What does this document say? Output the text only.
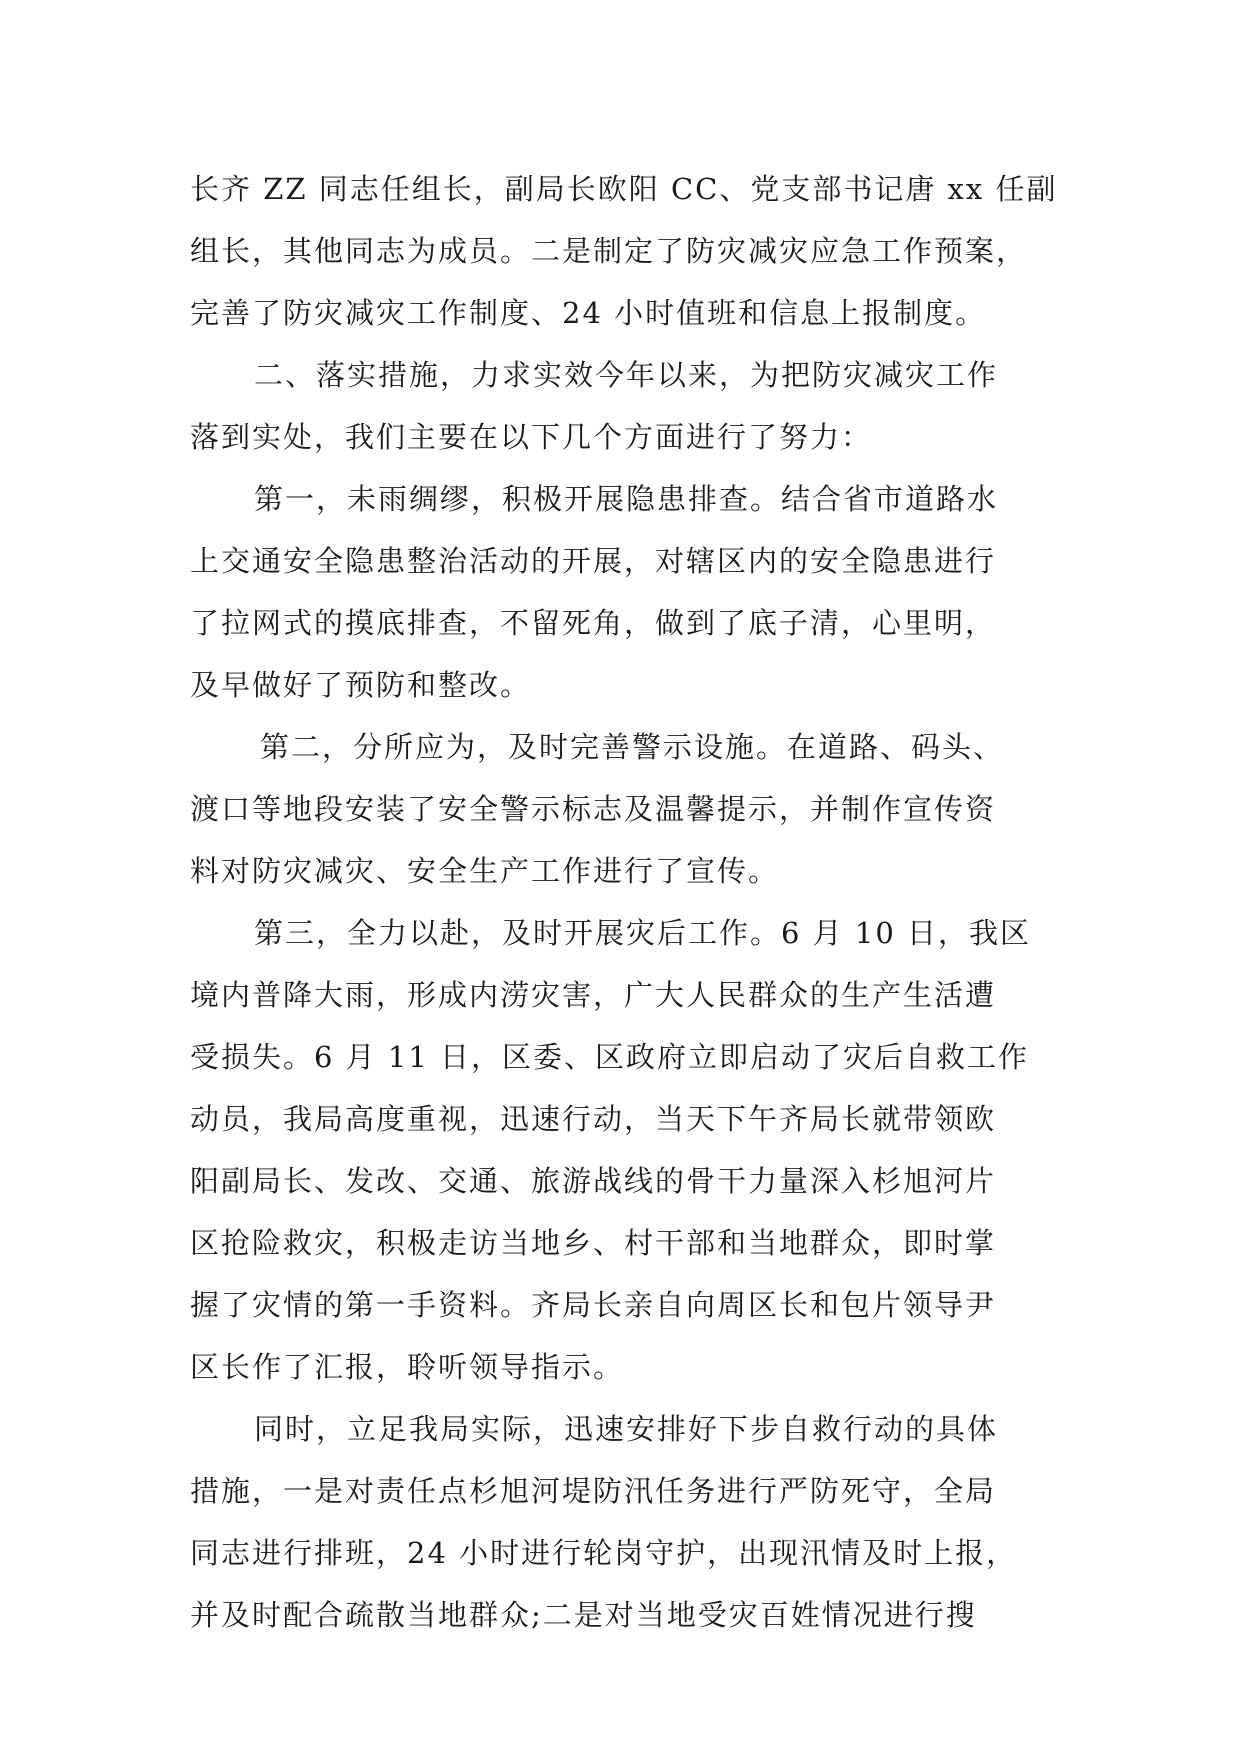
长齐 ZZ 同志任组长，副局长欧阳 CC、党支部书记唐 xx 任副
组长，其他同志为成员。二是制定了防灾减灾应急工作预案，
完善了防灾减灾工作制度、24 小时值班和信息上报制度。
二、落实措施，力求实效今年以来，为把防灾减灾工作
落到实处，我们主要在以下几个方面进行了努力：
第一，未雨绸缪，积极开展隐患排查。结合省市道路水
上交通安全隐患整治活动的开展，对辖区内的安全隐患进行
了拉网式的摸底排查，不留死角，做到了底子清，心里明，
及早做好了预防和整改。
第二，分所应为，及时完善警示设施。在道路、码头、
渡口等地段安装了安全警示标志及温馨提示，并制作宣传资
料对防灾减灾、安全生产工作进行了宣传。
第三，全力以赴，及时开展灾后工作。6 月 10 日，我区
境内普降大雨，形成内涝灾害，广大人民群众的生产生活遭
受损失。6 月 11 日，区委、区政府立即启动了灾后自救工作
动员，我局高度重视，迅速行动，当天下午齐局长就带领欧
阳副局长、发改、交通、旅游战线的骨干力量深入杉旭河片
区抢险救灾，积极走访当地乡、村干部和当地群众，即时掌
握了灾情的第一手资料。齐局长亲自向周区长和包片领导尹
区长作了汇报，聆听领导指示。
同时，立足我局实际，迅速安排好下步自救行动的具体
措施，一是对责任点杉旭河堤防汛任务进行严防死守，全局
同志进行排班，24 小时进行轮岗守护，出现汛情及时上报，
并及时配合疏散当地群众;二是对当地受灾百姓情况进行搜
